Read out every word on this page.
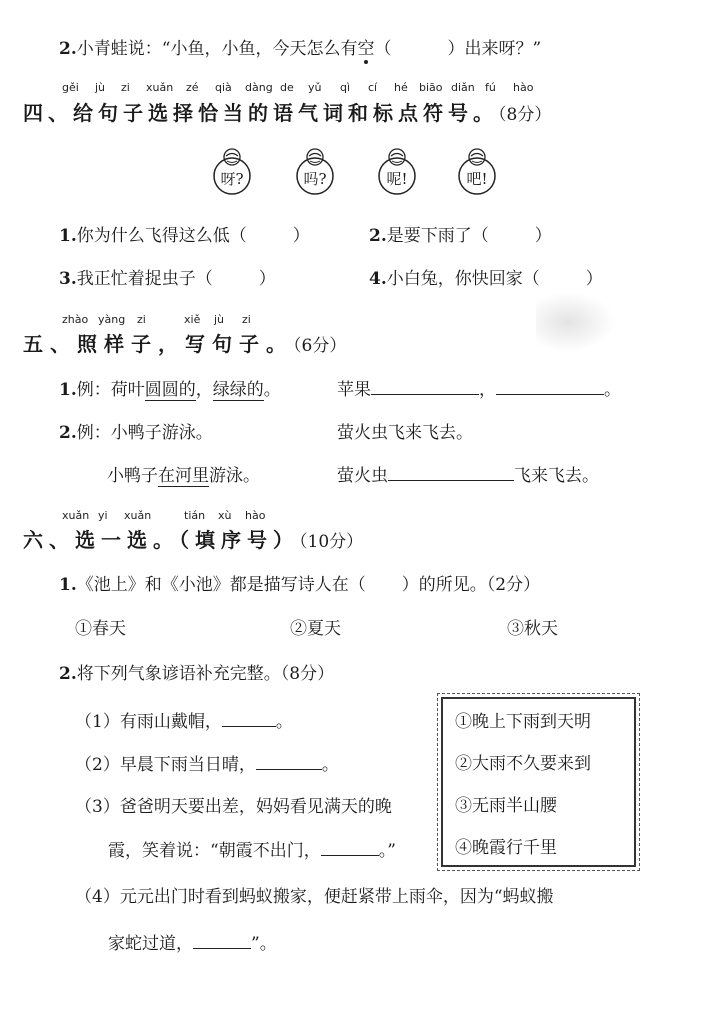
2.小青蛙说：“小鱼，小鱼，今天怎么有空（	）出来呀？”
gěi jù zi xuǎn zé qià dàng de yǔ qì cí hé biāo diǎn fú hào
四、给句子选择恰当的语气词和标点符号。（8分）
呀?	吗?	呢!	吧!
1.你为什么飞得这么低（	）	2.是要下雨了（	）
3.我正忙着捉虫子（	）	4.小白兔，你快回家（	）
zhào yàng zi	xiě jù zi
五、照样子，写句子。（6分）
1.例：荷叶圆圆的，绿绿的。	苹果	，	。
2.例：小鸭子游泳。	萤火虫飞来飞去。
小鸭子在河里游泳。	萤火虫	飞来飞去。
xuǎn yi xuǎn	tián xù hào
六、选一选。（填序号）（10分）
1.《池上》和《小池》都是描写诗人在（ ）的所见。（2分）
①春天	②夏天	③秋天
2.将下列气象谚语补充完整。（8分）
（1）有雨山戴帽，	。
（2）早晨下雨当日晴，	。
（3）爸爸明天要出差，妈妈看见满天的晚
霞，笑着说：“朝霞不出门，	。”
（4）元元出门时看到蚂蚁搬家，便赶紧带上雨伞，因为“蚂蚁搬
家蛇过道，	”。
①晚上下雨到天明
②大雨不久要来到
③无雨半山腰
④晚霞行千里
